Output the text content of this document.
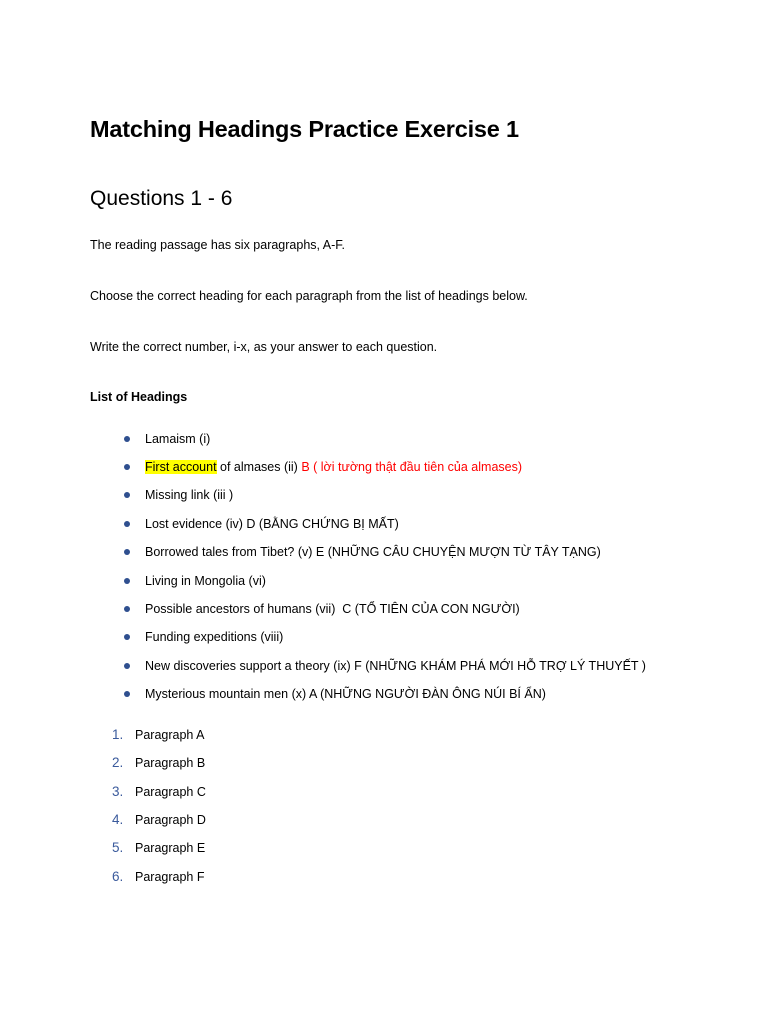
Matching Headings Practice Exercise 1
Questions 1 - 6
The reading passage has six paragraphs, A-F.
Choose the correct heading for each paragraph from the list of headings below.
Write the correct number, i-x, as your answer to each question.
List of Headings
Lamaism (i)
First account of almases (ii) B ( lời tường thật đầu tiên của almases)
Missing link (iii )
Lost evidence (iv) D (BẰNG CHỨNG BỊ MẤT)
Borrowed tales from Tibet? (v) E (NHỮNG CÂU CHUYỆN MƯỢN TỪ TÂY TẠNG)
Living in Mongolia (vi)
Possible ancestors of humans (vii)  C (TỔ TIÊN CỦA CON NGƯỜI)
Funding expeditions (viii)
New discoveries support a theory (ix) F (NHỮNG KHÁM PHÁ MỚI HỖ TRỢ LÝ THUYẾT )
Mysterious mountain men (x) A (NHỮNG NGƯỜI ĐÀN ÔNG NÚI BÍ ẨN)
1. Paragraph A
2. Paragraph B
3. Paragraph C
4. Paragraph D
5. Paragraph E
6. Paragraph F
